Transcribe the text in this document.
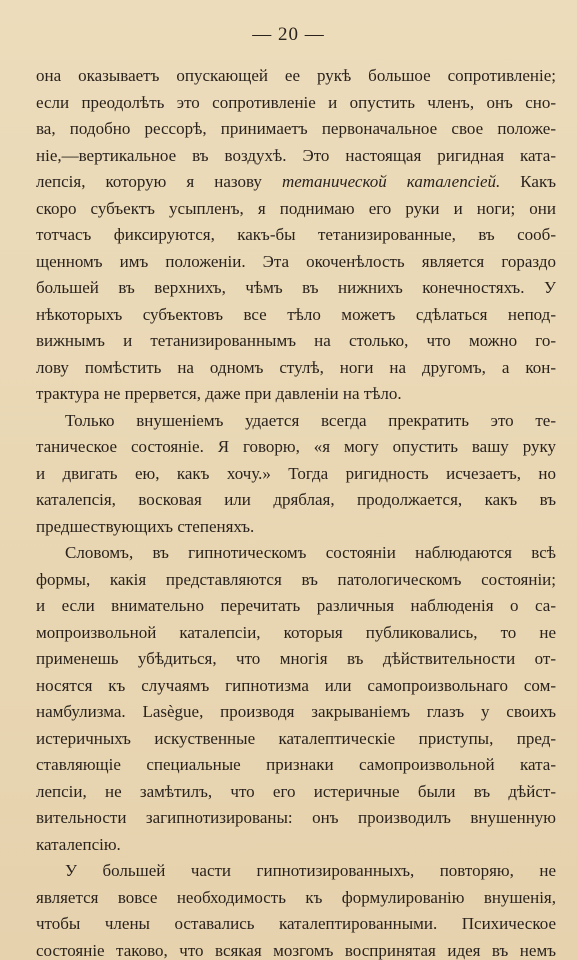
— 20 —
она оказываетъ опускающей ее рукѣ большое сопротивленіе;
если преодолѣть это сопротивленіе и опустить членъ, онъ сно-
ва, подобно рессорѣ, принимаетъ первоначальное свое положе-
ніе,—вертикальное въ воздухѣ. Это настоящая ригидная ката-
лепсія, которую я назову тетанической каталепсіей. Какъ
скоро субъектъ усыпленъ, я поднимаю его руки и ноги; они
тотчасъ фиксируются, какъ-бы тетанизированные, въ сооб-
щенномъ имъ положеніи. Эта окоченѣлость является гораздо
большей въ верхнихъ, чѣмъ въ нижнихъ конечностяхъ. У
нѣкоторыхъ субъектовъ все тѣло можетъ сдѣлаться непод-
вижнымъ и тетанизированнымъ на столько, что можно го-
лову помѣстить на одномъ стулѣ, ноги на другомъ, а кон-
трактура не прервется, даже при давленіи на тѣло.
Только внушеніемъ удается всегда прекратить это те-
таническое состояніе. Я говорю, «я могу опустить вашу руку
и двигать ею, какъ хочу.» Тогда ригидность исчезаетъ, но
каталепсія, восковая или дряблая, продолжается, какъ въ
предшествующихъ степеняхъ.
Словомъ, въ гипнотическомъ состояніи наблюдаются всѣ
формы, какія представляются въ патологическомъ состояніи;
и если внимательно перечитать различныя наблюденія о са-
мопроизвольной каталепсіи, которыя публиковались, то не
применешь убѣдиться, что многія въ дѣйствительности от-
носятся къ случаямъ гипнотизма или самопроизвольнаго сом-
намбулизма. Lasègue, производя закрываніемъ глазъ у своихъ
истеричныхъ искуственные каталептическіе приступы, пред-
ставляющіе специальные признаки самопроизвольной ката-
лепсіи, не замѣтилъ, что его истеричные были въ дѣйст-
вительности загипнотизированы: онъ производилъ внушенную
каталепсію.
У большей части гипнотизированныхъ, повторяю, не
является вовсе необходимость къ формулированію внушенія,
чтобы члены оставались каталептированными. Психическое
состояніе таково, что всякая мозгомъ воспринятая идея въ немъ
